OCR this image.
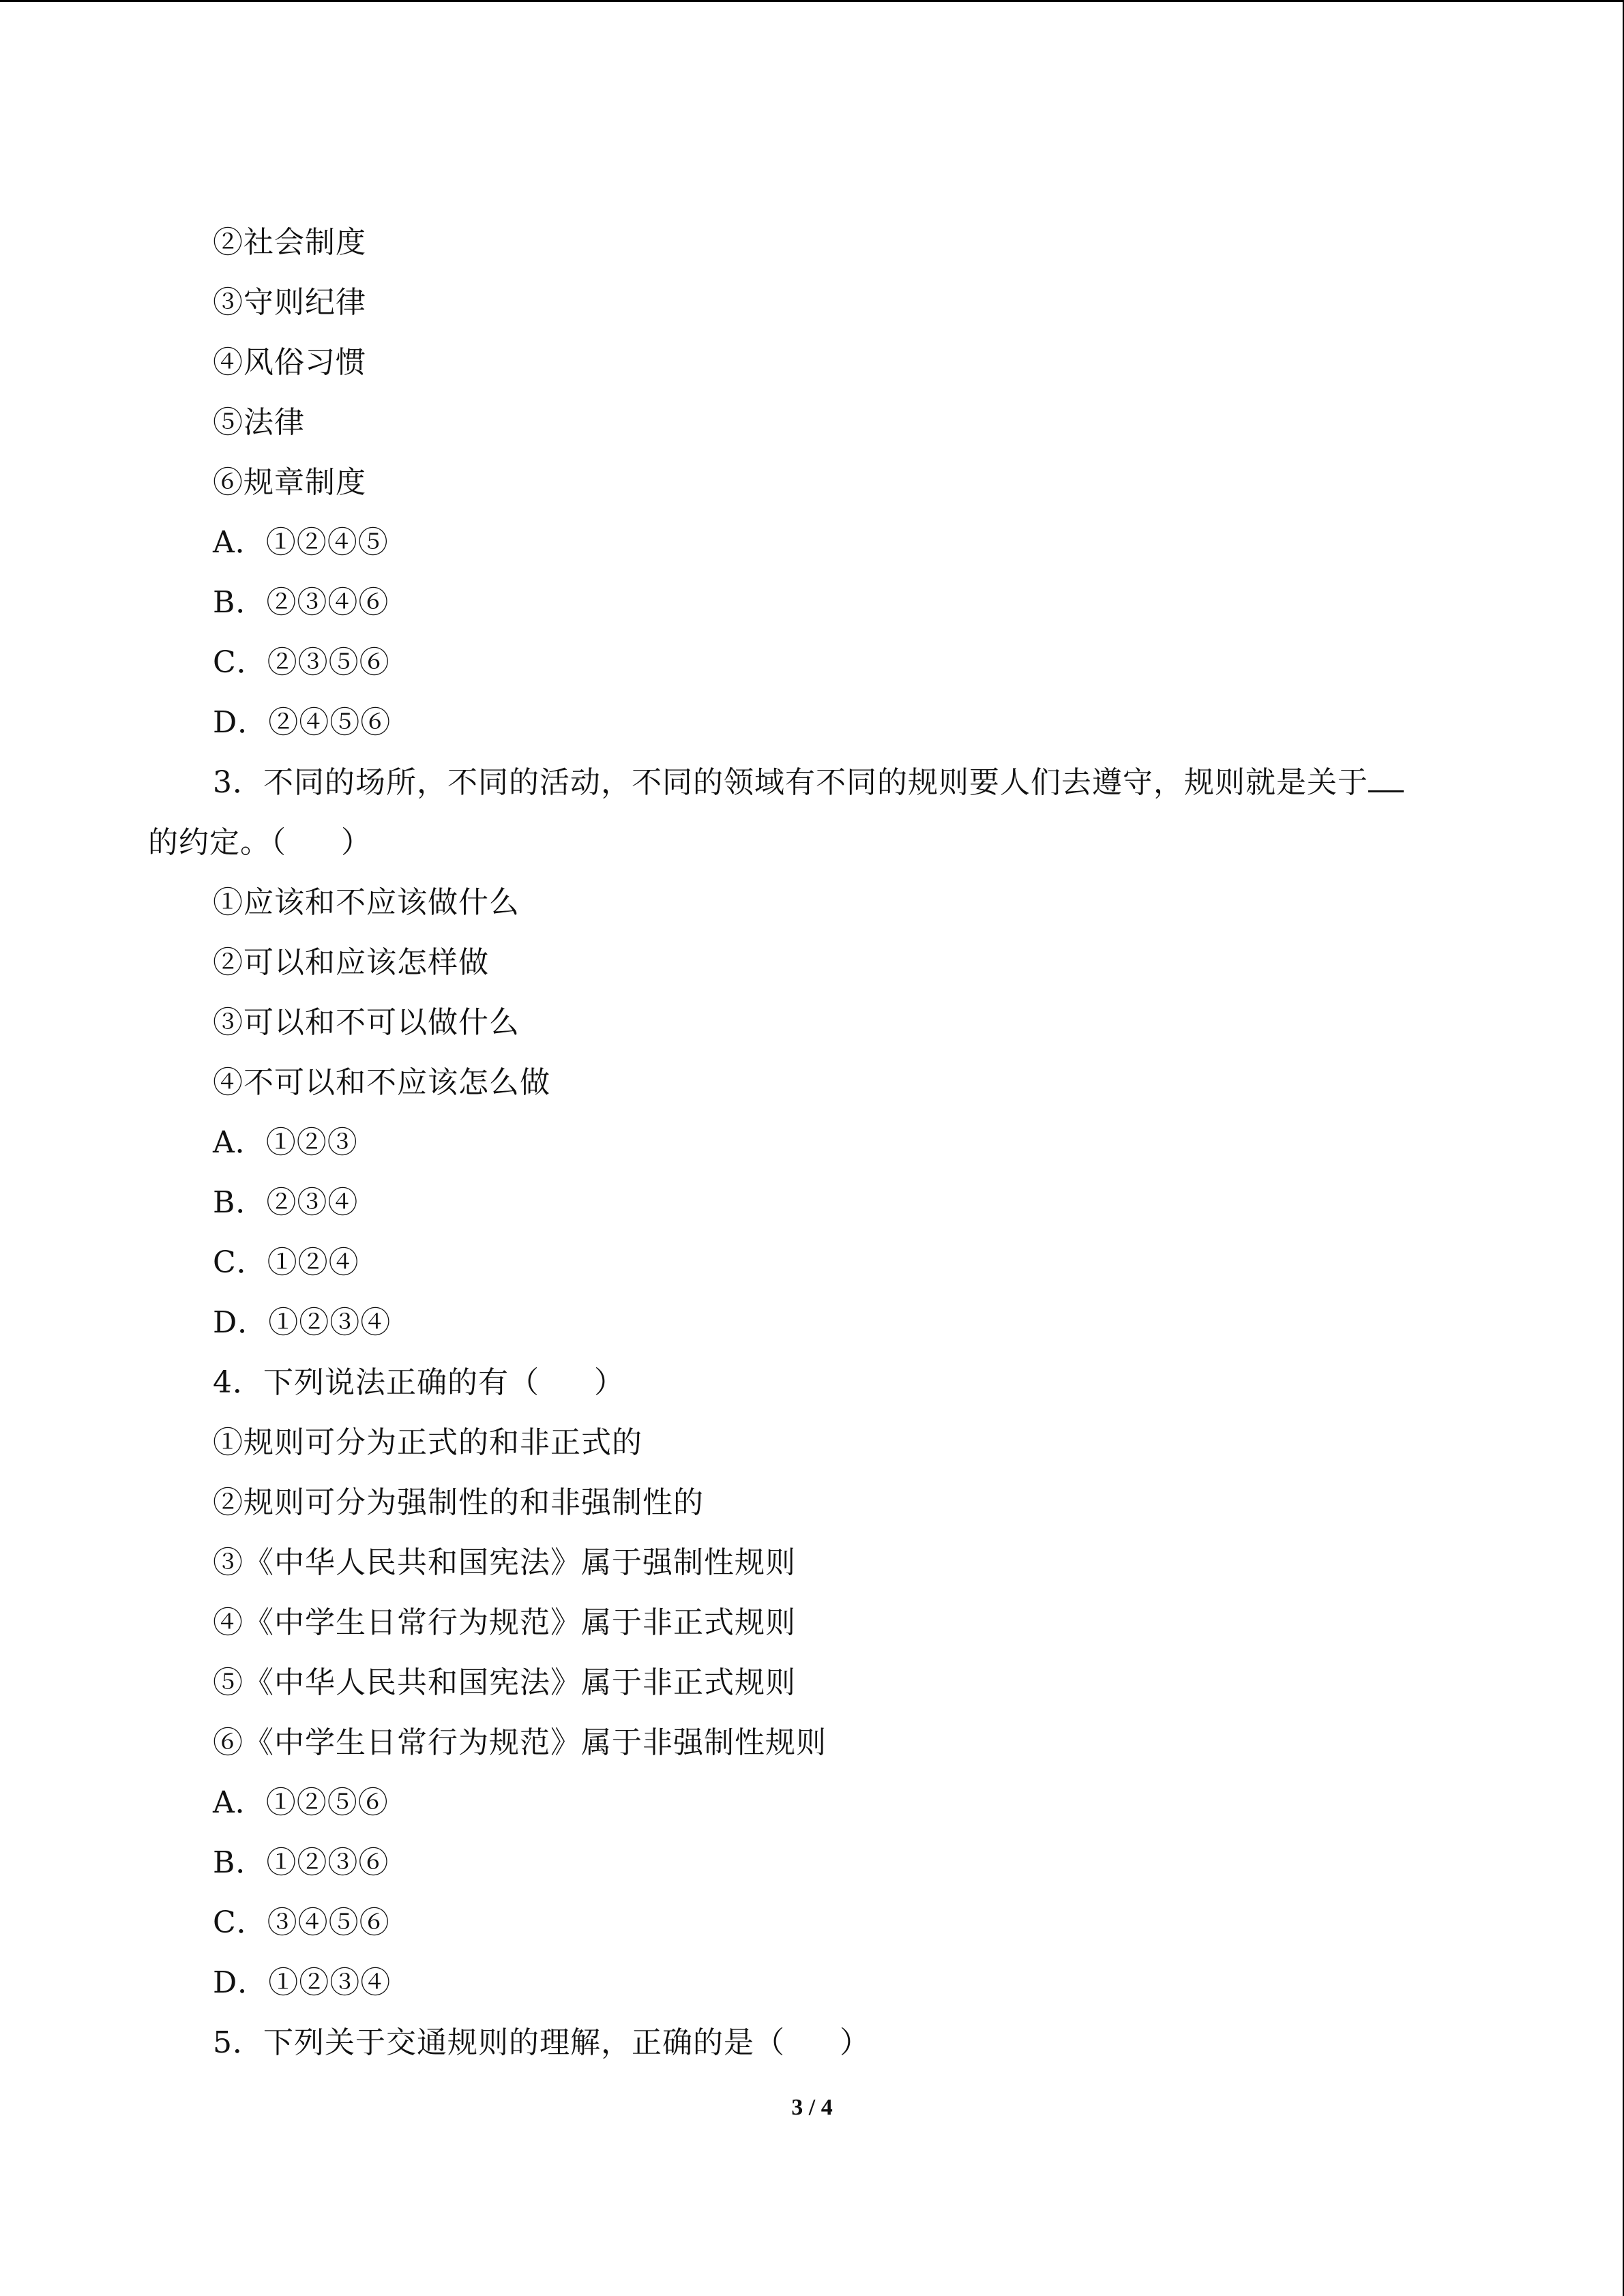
②社会制度
③守则纪律
④风俗习惯
⑤法律
⑥规章制度
A．①②④⑤
B．②③④⑥
C．②③⑤⑥
D．②④⑤⑥
3．不同的场所，不同的活动，不同的领域有不同的规则要人们去遵守，规则就是关于
的约定。（ ）
①应该和不应该做什么
②可以和应该怎样做
③可以和不可以做什么
④不可以和不应该怎么做
A．①②③
B．②③④
C．①②④
D．①②③④
4．下列说法正确的有（ ）
①规则可分为正式的和非正式的
②规则可分为强制性的和非强制性的
③《中华人民共和国宪法》属于强制性规则
④《中学生日常行为规范》属于非正式规则
⑤《中华人民共和国宪法》属于非正式规则
⑥《中学生日常行为规范》属于非强制性规则
A．①②⑤⑥
B．①②③⑥
C．③④⑤⑥
D．①②③④
5．下列关于交通规则的理解，正确的是（ ）
3 / 4
